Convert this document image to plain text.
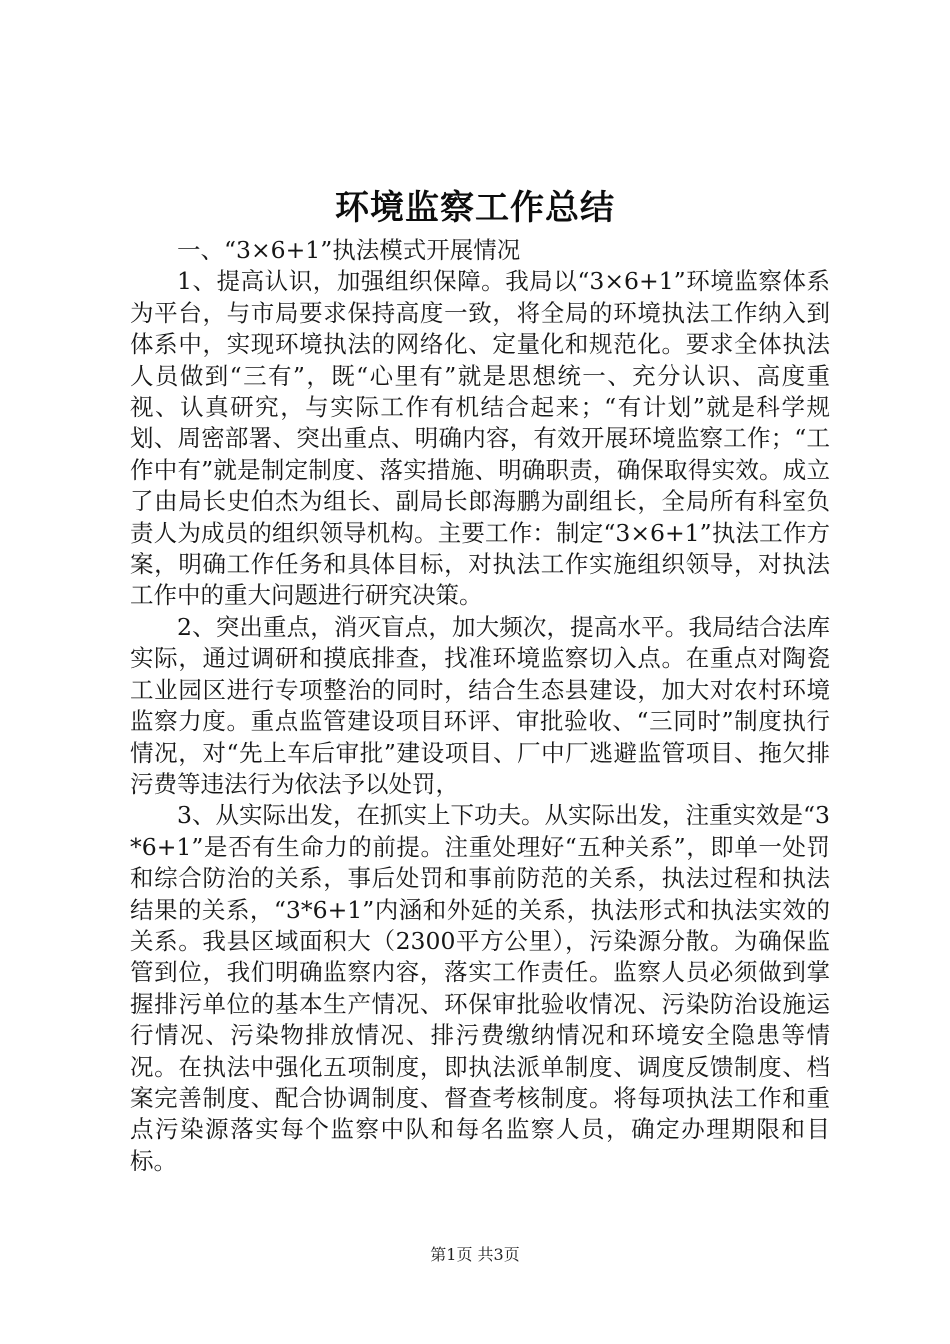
环境监察工作总结

一、“3×6+1”执法模式开展情况

1、提高认识，加强组织保障。我局以“3×6+1”环境监察体系为平台，与市局要求保持高度一致，将全局的环境执法工作纳入到体系中，实现环境执法的网络化、定量化和规范化。要求全体执法人员做到“三有”，既“心里有”就是思想统一、充分认识、高度重视、认真研究，与实际工作有机结合起来；“有计划”就是科学规划、周密部署、突出重点、明确内容，有效开展环境监察工作；“工作中有”就是制定制度、落实措施、明确职责，确保取得实效。成立了由局长史伯杰为组长、副局长郎海鹏为副组长，全局所有科室负责人为成员的组织领导机构。主要工作：制定“3×6+1”执法工作方案，明确工作任务和具体目标，对执法工作实施组织领导，对执法工作中的重大问题进行研究决策。

2、突出重点，消灭盲点，加大频次，提高水平。我局结合法库实际，通过调研和摸底排查，找准环境监察切入点。在重点对陶瓷工业园区进行专项整治的同时，结合生态县建设，加大对农村环境监察力度。重点监管建设项目环评、审批验收、“三同时”制度执行情况，对“先上车后审批”建设项目、厂中厂逃避监管项目、拖欠排污费等违法行为依法予以处罚，

3、从实际出发，在抓实上下功夫。从实际出发，注重实效是“3*6+1”是否有生命力的前提。注重处理好“五种关系”，即单一处罚和综合防治的关系，事后处罚和事前防范的关系，执法过程和执法结果的关系，“3*6+1”内涵和外延的关系，执法形式和执法实效的关系。我县区域面积大（2300平方公里），污染源分散。为确保监管到位，我们明确监察内容，落实工作责任。监察人员必须做到掌握排污单位的基本生产情况、环保审批验收情况、污染防治设施运行情况、污染物排放情况、排污费缴纳情况和环境安全隐患等情况。在执法中强化五项制度，即执法派单制度、调度反馈制度、档案完善制度、配合协调制度、督查考核制度。将每项执法工作和重点污染源落实每个监察中队和每名监察人员，确定办理期限和目标。

第1页 共3页
